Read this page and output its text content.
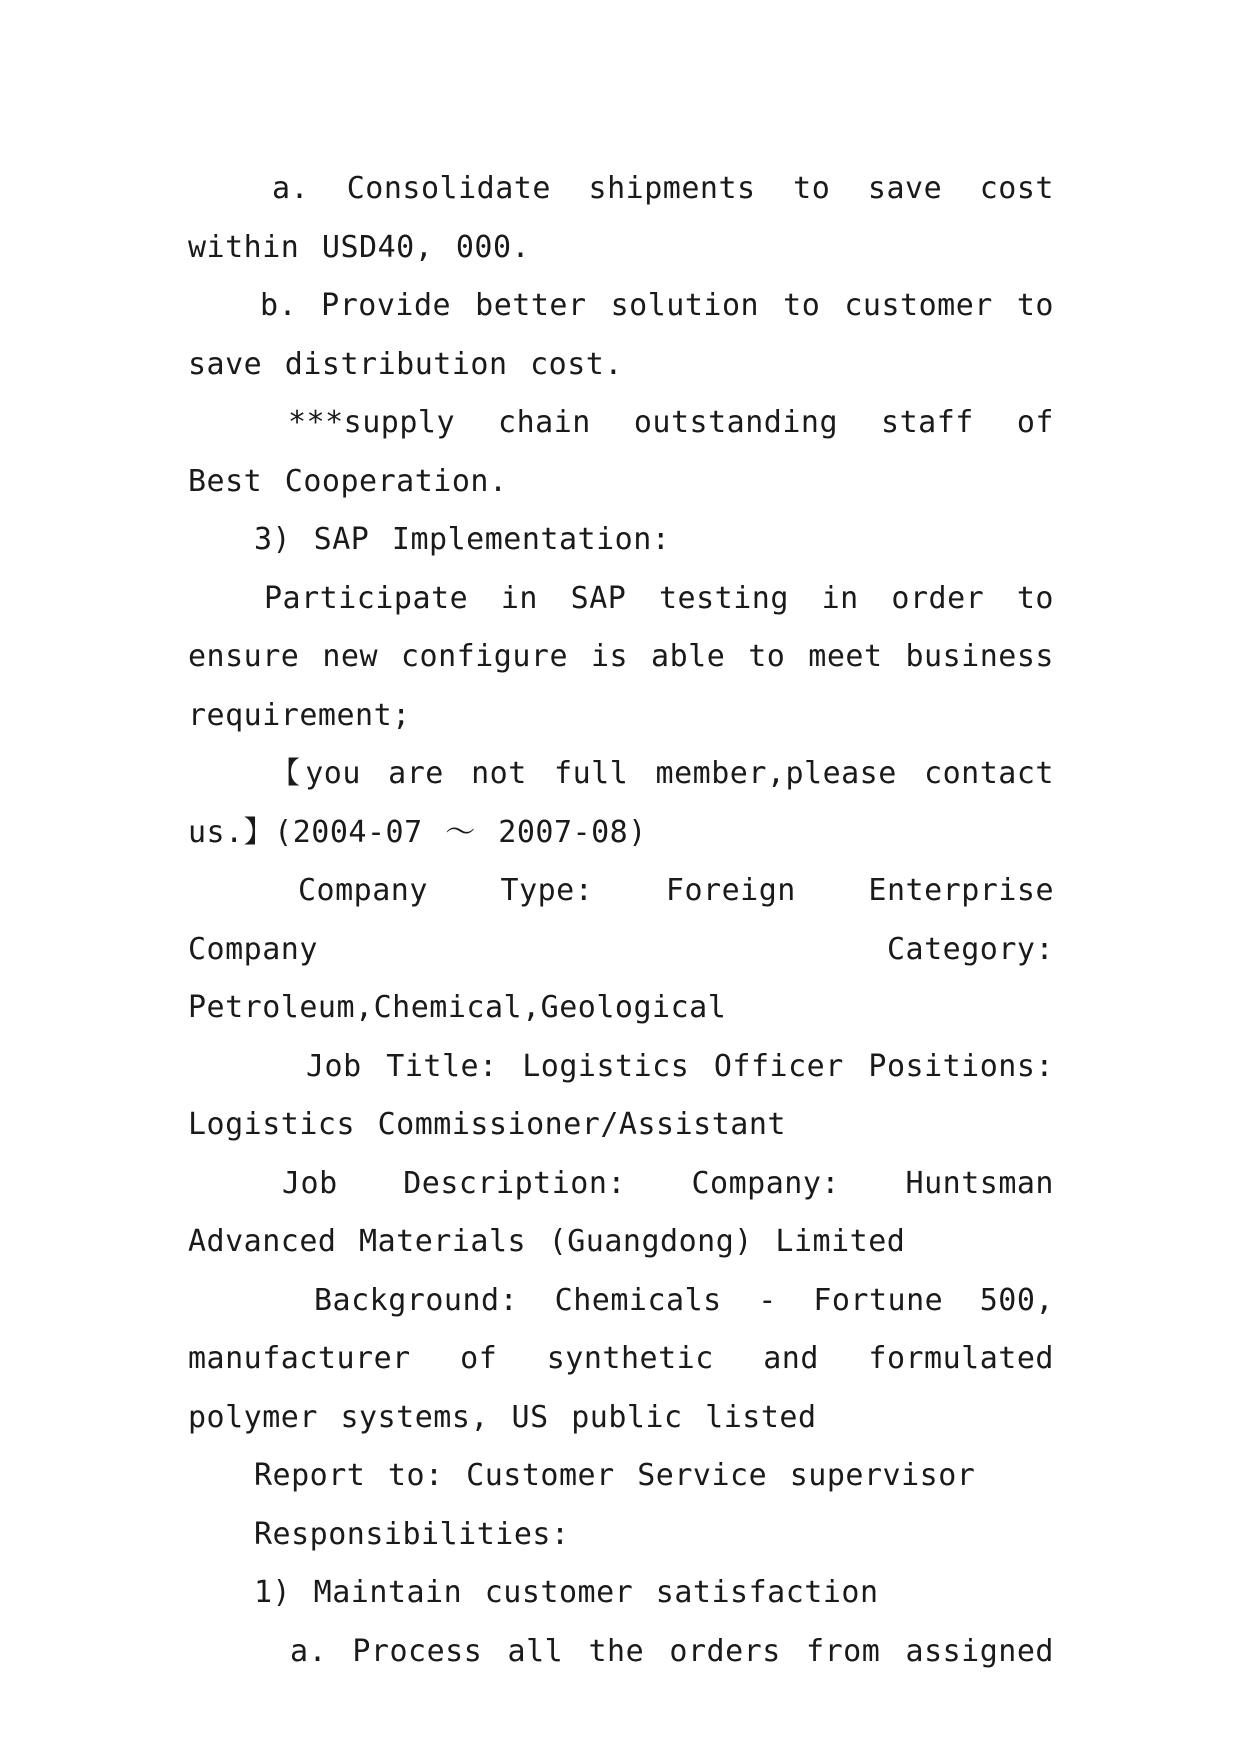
a. Consolidate shipments to save cost within USD40, 000.

b. Provide better solution to customer to save distribution cost.

***supply chain outstanding staff of Best Cooperation.

3) SAP Implementation:

Participate in SAP testing in order to ensure new configure is able to meet business requirement;

【you are not full member,please contact us.】(2004-07 ～ 2007-08)

Company Type: Foreign Enterprise Company Category: Petroleum,Chemical,Geological

Job Title: Logistics Officer Positions: Logistics Commissioner/Assistant

Job Description: Company: Huntsman Advanced Materials (Guangdong) Limited

Background: Chemicals - Fortune 500, manufacturer of synthetic and formulated polymer systems, US public listed

Report to: Customer Service supervisor

Responsibilities:

1) Maintain customer satisfaction

a. Process all the orders from assigned
